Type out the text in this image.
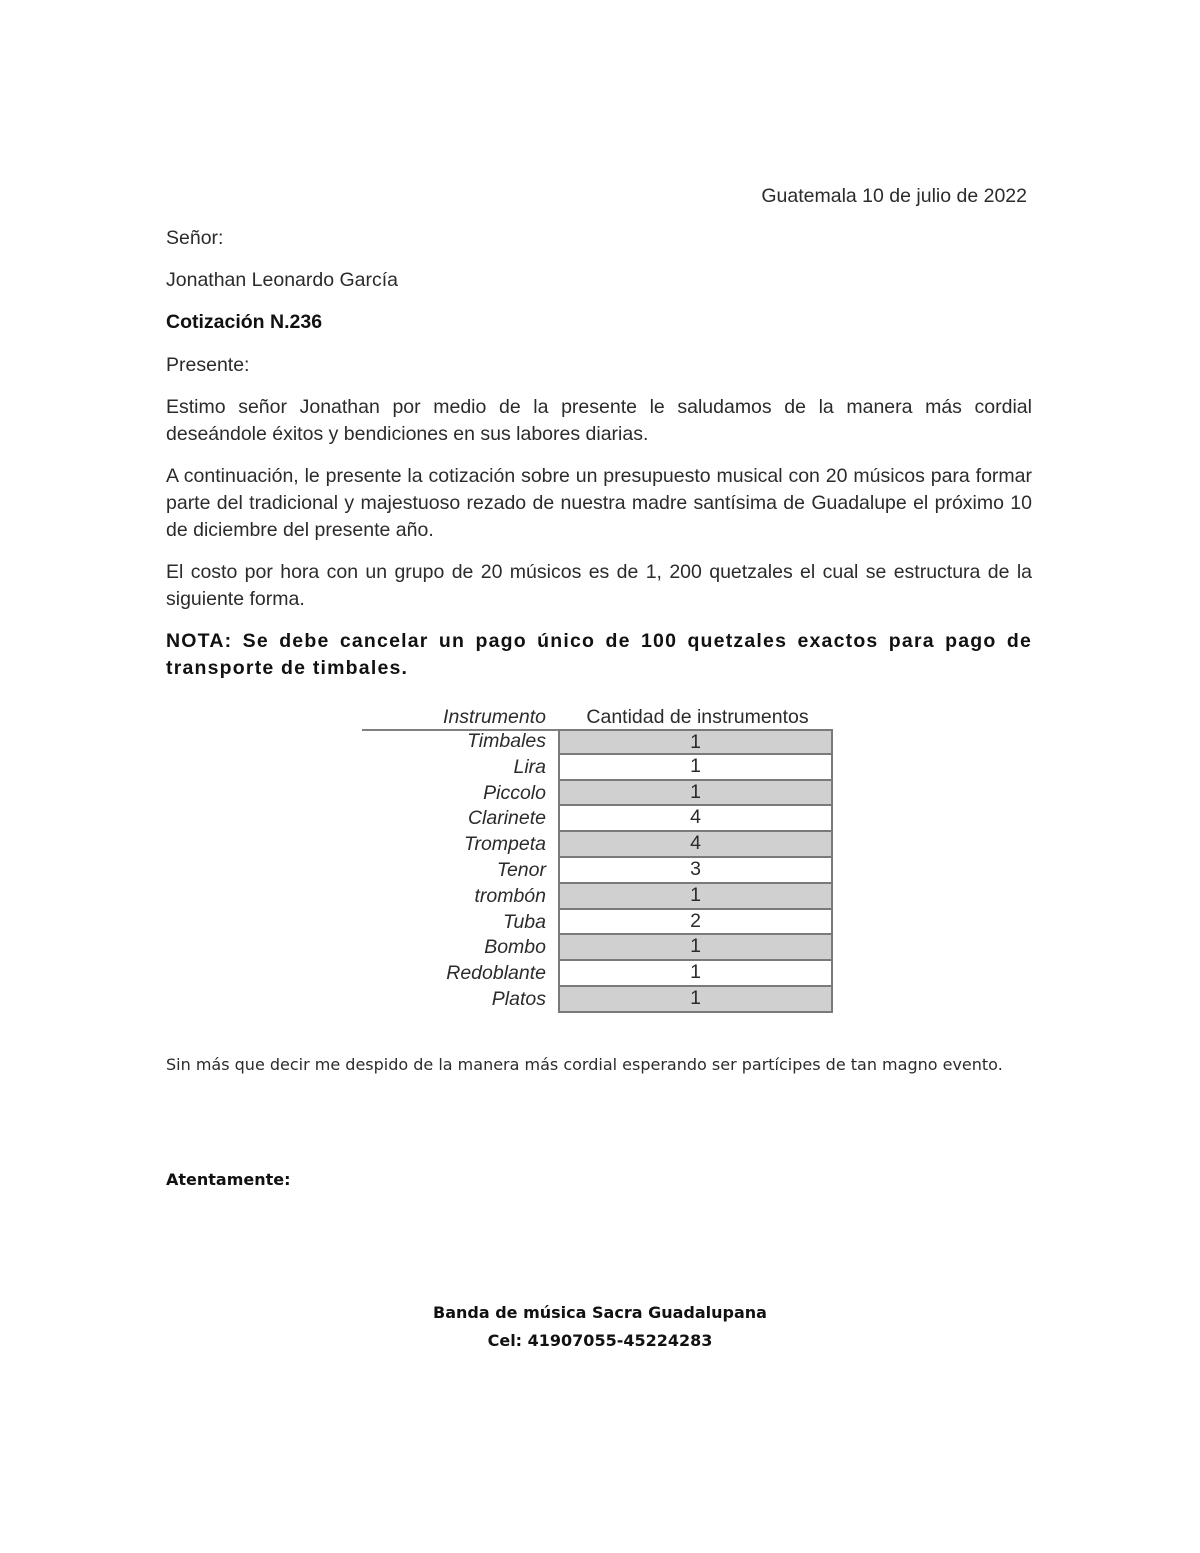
Guatemala 10 de julio de 2022

Señor:

Jonathan Leonardo García

Cotización N.236

Presente:

Estimo señor Jonathan por medio de la presente le saludamos de la manera más cordial deseándole éxitos y bendiciones en sus labores diarias.

A continuación, le presente la cotización sobre un presupuesto musical con 20 músicos para formar parte del tradicional y majestuoso rezado de nuestra madre santísima de Guadalupe el próximo 10 de diciembre del presente año.

El costo por hora con un grupo de 20 músicos es de 1, 200 quetzales el cual se estructura de la siguiente forma.

NOTA: Se debe cancelar un pago único de 100 quetzales exactos para pago de transporte de timbales.

Instrumento	Cantidad de instrumentos
Timbales	1
Lira	1
Piccolo	1
Clarinete	4
Trompeta	4
Tenor	3
trombón	1
Tuba	2
Bombo	1
Redoblante	1
Platos	1

Sin más que decir me despido de la manera más cordial esperando ser partícipes de tan magno evento.

Atentamente:

Banda de música Sacra Guadalupana
Cel: 41907055-45224283
